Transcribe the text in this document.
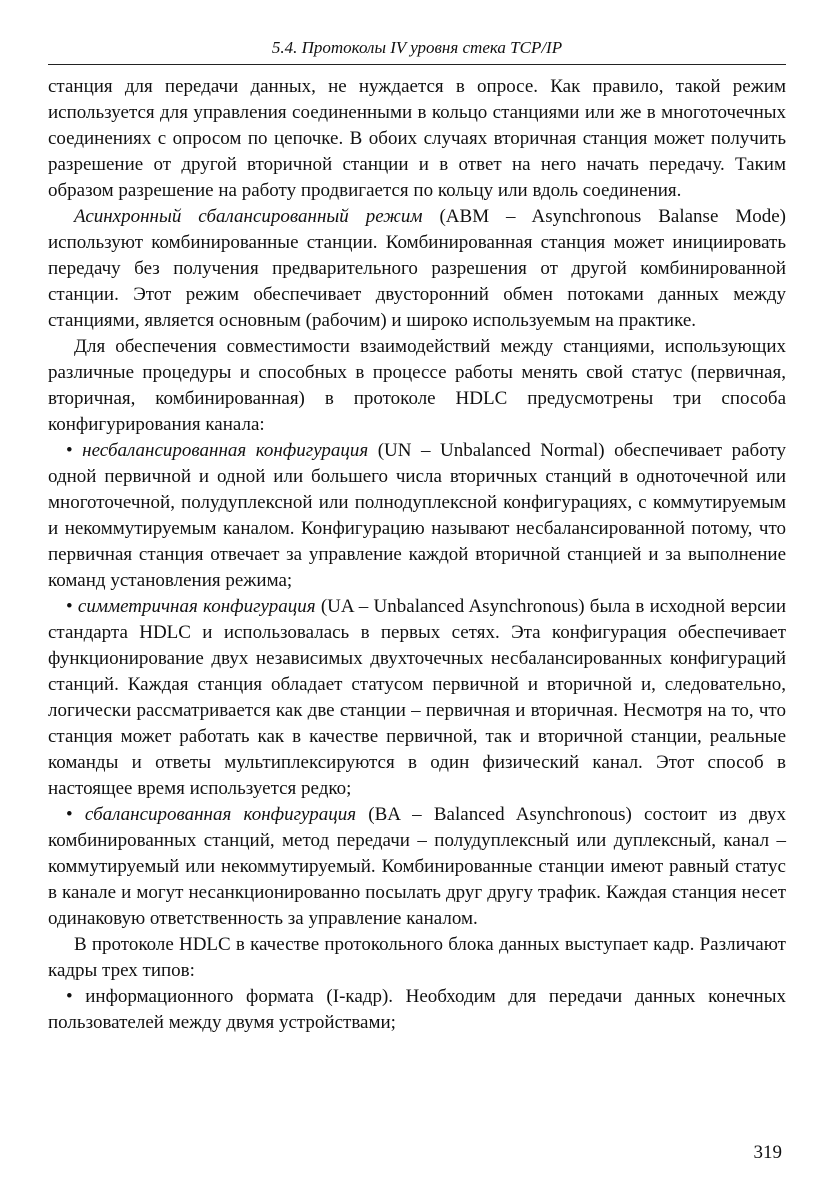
5.4. Протоколы IV уровня стека TCP/IP

станция для передачи данных, не нуждается в опросе. Как правило, такой режим используется для управления соединенными в кольцо станциями или же в многоточечных соединениях с опросом по цепочке. В обоих случаях вторичная станция может получить разрешение от другой вторичной станции и в ответ на него начать передачу. Таким образом разрешение на работу продвигается по кольцу или вдоль соединения.

Асинхронный сбалансированный режим (ABM – Asynchronous Balanse Mode) используют комбинированные станции. Комбинированная станция может инициировать передачу без получения предварительного разрешения от другой комбинированной станции. Этот режим обеспечивает двусторонний обмен потоками данных между станциями, является основным (рабочим) и широко используемым на практике.

Для обеспечения совместимости взаимодействий между станциями, использующих различные процедуры и способных в процессе работы менять свой статус (первичная, вторичная, комбинированная) в протоколе HDLC предусмотрены три способа конфигурирования канала:

• несбалансированная конфигурация (UN – Unbalanced Normal) обеспечивает работу одной первичной и одной или большего числа вторичных станций в одноточечной или многоточечной, полудуплексной или полнодуплексной конфигурациях, с коммутируемым и некоммутируемым каналом. Конфигурацию называют несбалансированной потому, что первичная станция отвечает за управление каждой вторичной станцией и за выполнение команд установления режима;

• симметричная конфигурация (UA – Unbalanced Asynchronous) была в исходной версии стандарта HDLC и использовалась в первых сетях. Эта конфигурация обеспечивает функционирование двух независимых двухточечных несбалансированных конфигураций станций. Каждая станция обладает статусом первичной и вторичной и, следовательно, логически рассматривается как две станции – первичная и вторичная. Несмотря на то, что станция может работать как в качестве первичной, так и вторичной станции, реальные команды и ответы мультиплексируются в один физический канал. Этот способ в настоящее время используется редко;

• сбалансированная конфигурация (BA – Balanced Asynchronous) состоит из двух комбинированных станций, метод передачи – полудуплексный или дуплексный, канал – коммутируемый или некоммутируемый. Комбинированные станции имеют равный статус в канале и могут несанкционированно посылать друг другу трафик. Каждая станция несет одинаковую ответственность за управление каналом.

В протоколе HDLC в качестве протокольного блока данных выступает кадр. Различают кадры трех типов:

• информационного формата (I-кадр). Необходим для передачи данных конечных пользователей между двумя устройствами;

319
